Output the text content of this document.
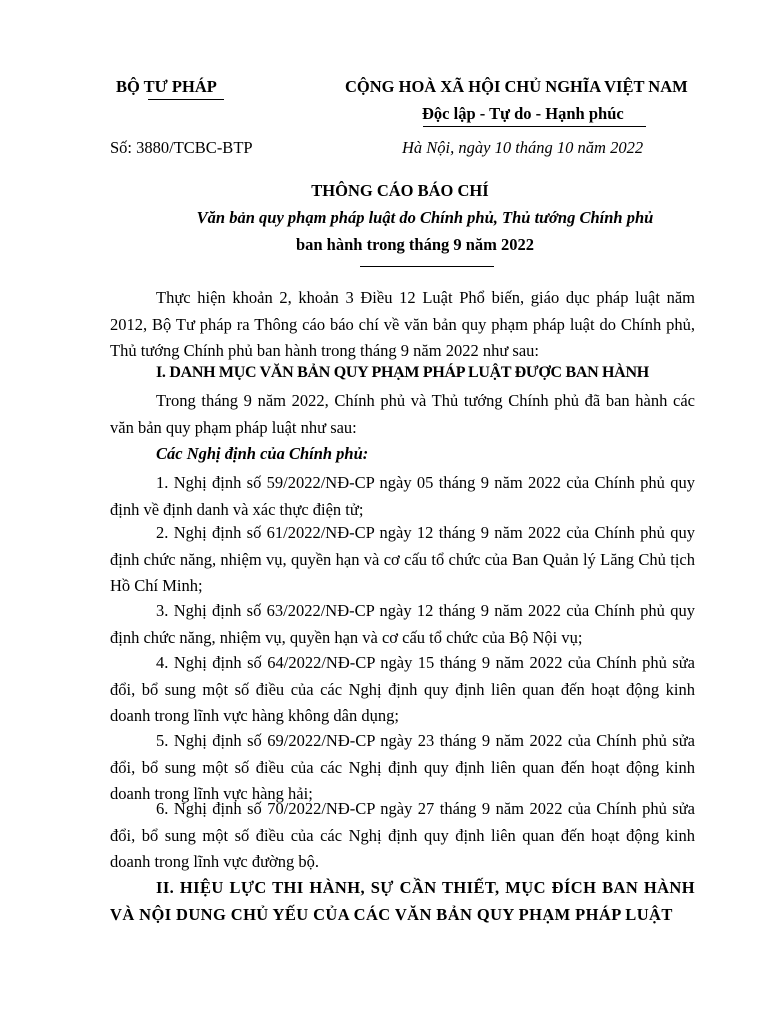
BỘ TƯ PHÁP
Số: 3880/TCBC-BTP
CỘNG HOÀ XÃ HỘI CHỦ NGHĨA VIỆT NAM
Độc lập - Tự do - Hạnh phúc
Hà Nội, ngày 10 tháng 10 năm 2022
THÔNG CÁO BÁO CHÍ
Văn bản quy phạm pháp luật do Chính phủ, Thủ tướng Chính phủ
ban hành trong tháng 9 năm 2022
Thực hiện khoản 2, khoản 3 Điều 12 Luật Phổ biến, giáo dục pháp luật năm 2012, Bộ Tư pháp ra Thông cáo báo chí về văn bản quy phạm pháp luật do Chính phủ, Thủ tướng Chính phủ ban hành trong tháng 9 năm 2022 như sau:
I. DANH MỤC VĂN BẢN QUY PHẠM PHÁP LUẬT ĐƯỢC BAN HÀNH
Trong tháng 9 năm 2022, Chính phủ và Thủ tướng Chính phủ đã ban hành các văn bản quy phạm pháp luật như sau:
Các Nghị định của Chính phủ:
1. Nghị định số 59/2022/NĐ-CP ngày 05 tháng 9 năm 2022 của Chính phủ quy định về định danh và xác thực điện tử;
2. Nghị định số 61/2022/NĐ-CP ngày 12 tháng 9 năm 2022 của Chính phủ quy định chức năng, nhiệm vụ, quyền hạn và cơ cấu tổ chức của Ban Quản lý Lăng Chủ tịch Hồ Chí Minh;
3. Nghị định số 63/2022/NĐ-CP ngày 12 tháng 9 năm 2022 của Chính phủ quy định chức năng, nhiệm vụ, quyền hạn và cơ cấu tổ chức của Bộ Nội vụ;
4. Nghị định số 64/2022/NĐ-CP ngày 15 tháng 9 năm 2022 của Chính phủ sửa đổi, bổ sung một số điều của các Nghị định quy định liên quan đến hoạt động kinh doanh trong lĩnh vực hàng không dân dụng;
5. Nghị định số 69/2022/NĐ-CP ngày 23 tháng 9 năm 2022 của Chính phủ sửa đổi, bổ sung một số điều của các Nghị định quy định liên quan đến hoạt động kinh doanh trong lĩnh vực hàng hải;
6. Nghị định số 70/2022/NĐ-CP ngày 27 tháng 9 năm 2022 của Chính phủ sửa đổi, bổ sung một số điều của các Nghị định quy định liên quan đến hoạt động kinh doanh trong lĩnh vực đường bộ.
II. HIỆU LỰC THI HÀNH, SỰ CẦN THIẾT, MỤC ĐÍCH BAN HÀNH VÀ NỘI DUNG CHỦ YẾU CỦA CÁC VĂN BẢN QUY PHẠM PHÁP LUẬT
